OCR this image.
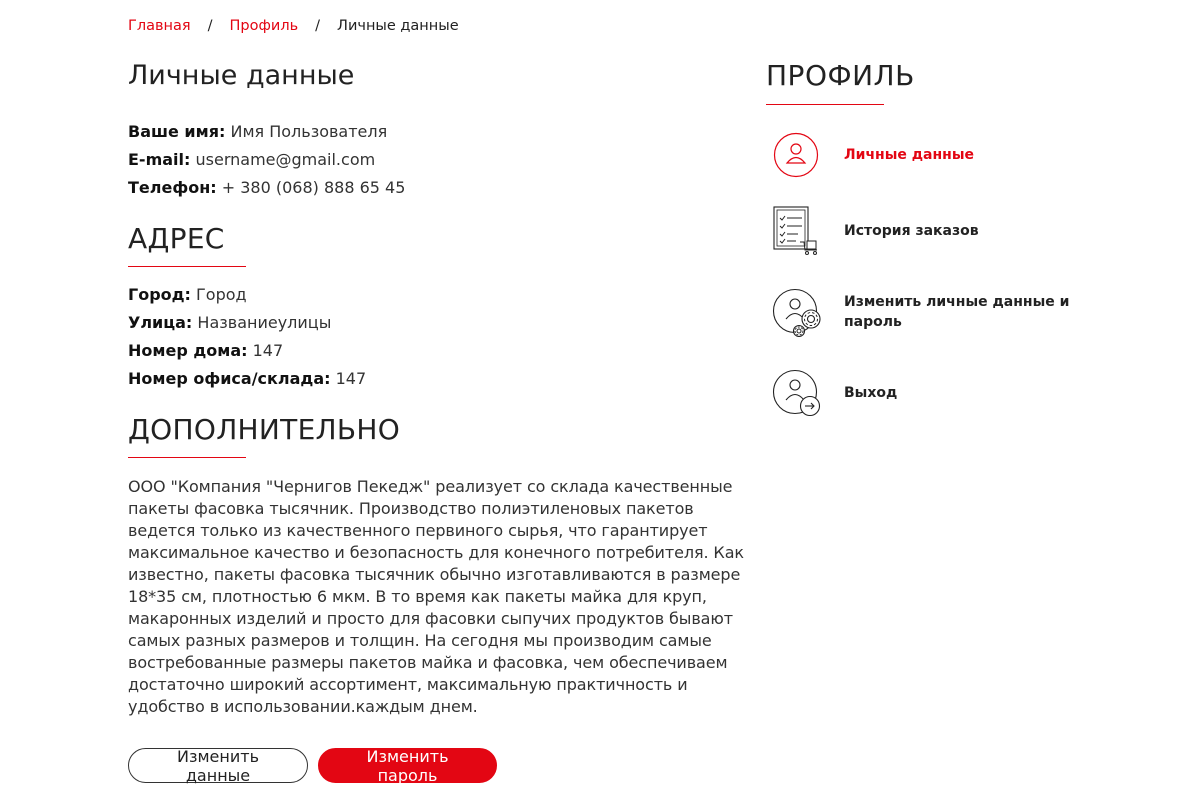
Главная / Профиль / Личные данные
Личные данные
Ваше имя: Имя Пользователя
E-mail: username@gmail.com
Телефон: + 380 (068) 888 65 45
АДРЕС
Город: Город
Улица: Названиеулицы
Номер дома: 147
Номер офиса/склада: 147
ДОПОЛНИТЕЛЬНО

ООО "Компания "Чернигов Пекедж" реализует со склада качественные пакеты фасовка тысячник. Производство полиэтиленовых пакетов ведется только из качественного первиного сырья, что гарантирует максимальное качество и безопасность для конечного потребителя. Как известно, пакеты фасовка тысячник обычно изготавливаются в размере 18*35 см, плотностью 6 мкм. В то время как пакеты майка для круп, макаронных изделий и просто для фасовки сыпучих продуктов бывают самых разных размеров и толщин. На сегодня мы производим самые востребованные размеры пакетов майка и фасовка, чем обеспечиваем достаточно широкий ассортимент, максимальную практичность и удобство в использовании.каждым днем.

Изменить данные
Изменить пароль
ПРОФИЛЬ
Личные данные
История заказов
Изменить личные данные и пароль
Выход
